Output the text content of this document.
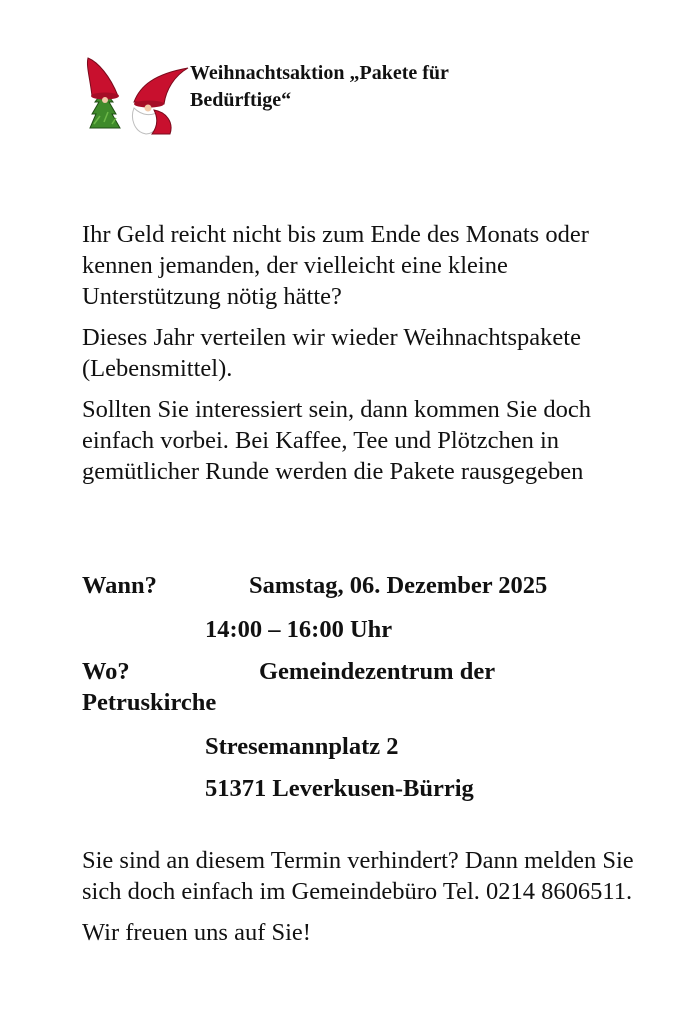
Weihnachtsaktion „Pakete für Bedürftige“

Ihr Geld reicht nicht bis zum Ende des Monats oder kennen jemanden, der vielleicht eine kleine Unterstützung nötig hätte?

Dieses Jahr verteilen wir wieder Weihnachtspakete (Lebensmittel).

Sollten Sie interessiert sein, dann kommen Sie doch einfach vorbei. Bei Kaffee, Tee und Plötzchen in gemütlicher Runde werden die Pakete rausgegeben

Wann?	Samstag, 06. Dezember 2025
14:00 – 16:00 Uhr
Wo?	Gemeindezentrum der
Petruskirche
Stresemannplatz 2
51371 Leverkusen-Bürrig

Sie sind an diesem Termin verhindert? Dann melden Sie sich doch einfach im Gemeindebüro Tel. 0214 8606511.

Wir freuen uns auf Sie!
